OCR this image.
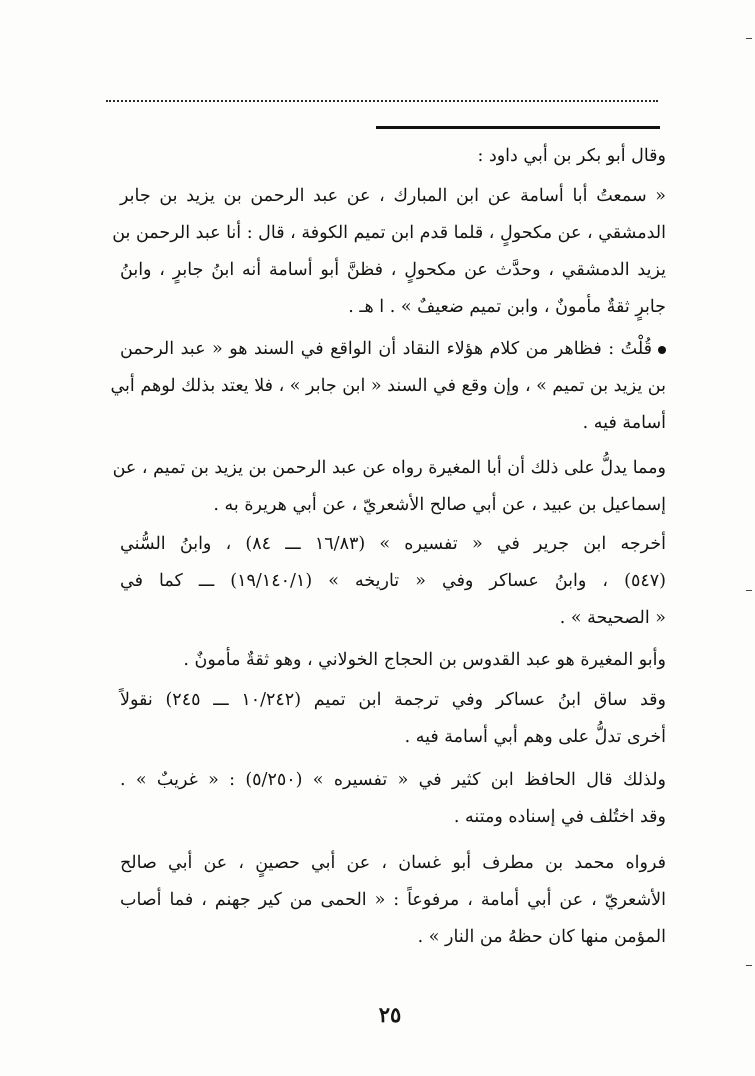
وقال أبو بكر بن أبي داود :

« سمعتُ أبا أسامة عن ابن المبارك ، عن عبد الرحمن بن يزيد بن جابر
الدمشقي ، عن مكحولٍ ، قلما قدم ابن تميم الكوفة ، قال : أنا عبد الرحمن بن
يزيد الدمشقي ، وحدَّث عن مكحولٍ ، فظنَّ أبو أسامة أنه ابنُ جابرٍ ، وابنُ
جابرٍ ثقةٌ مأمونٌ ، وابن تميم ضعيفٌ » . ا هـ .

قُلْتُ : فظاهر من كلام هؤلاء النقاد أن الواقع في السند هو « عبد الرحمن
بن يزيد بن تميم » ، وإن وقع في السند « ابن جابر » ، فلا يعتد بذلك لوهم أبي
أسامة فيه .

ومما يدلُّ على ذلك أن أبا المغيرة رواه عن عبد الرحمن بن يزيد بن تميم ، عن
إسماعيل بن عبيد ، عن أبي صالح الأشعريّ ، عن أبي هريرة به .

أخرجه ابن جرير في « تفسيره » (١٦/٨٣ ـــ ٨٤) ، وابنُ السُّني
(٥٤٧) ، وابنُ عساكر وفي « تاريخه » (١٩/١٤٠/١) ـــ كما في
« الصحيحة » .

وأبو المغيرة هو عبد القدوس بن الحجاج الخولاني ، وهو ثقةٌ مأمونٌ .

وقد ساق ابنُ عساكر وفي ترجمة ابن تميم (١٠/٢٤٢ ـــ ٢٤٥) نقولاً
أخرى تدلُّ على وهم أبي أسامة فيه .

ولذلك قال الحافظ ابن كثير في « تفسيره » (٥/٢٥٠) : « غريبٌ » .
وقد اختُلف في إسناده ومتنه .

فرواه محمد بن مطرف أبو غسان ، عن أبي حصينٍ ، عن أبي صالح
الأشعريّ ، عن أبي أمامة ، مرفوعاً : « الحمى من كير جهنم ، فما أصاب
المؤمن منها كان حظهُ من النار » .

٢٥
